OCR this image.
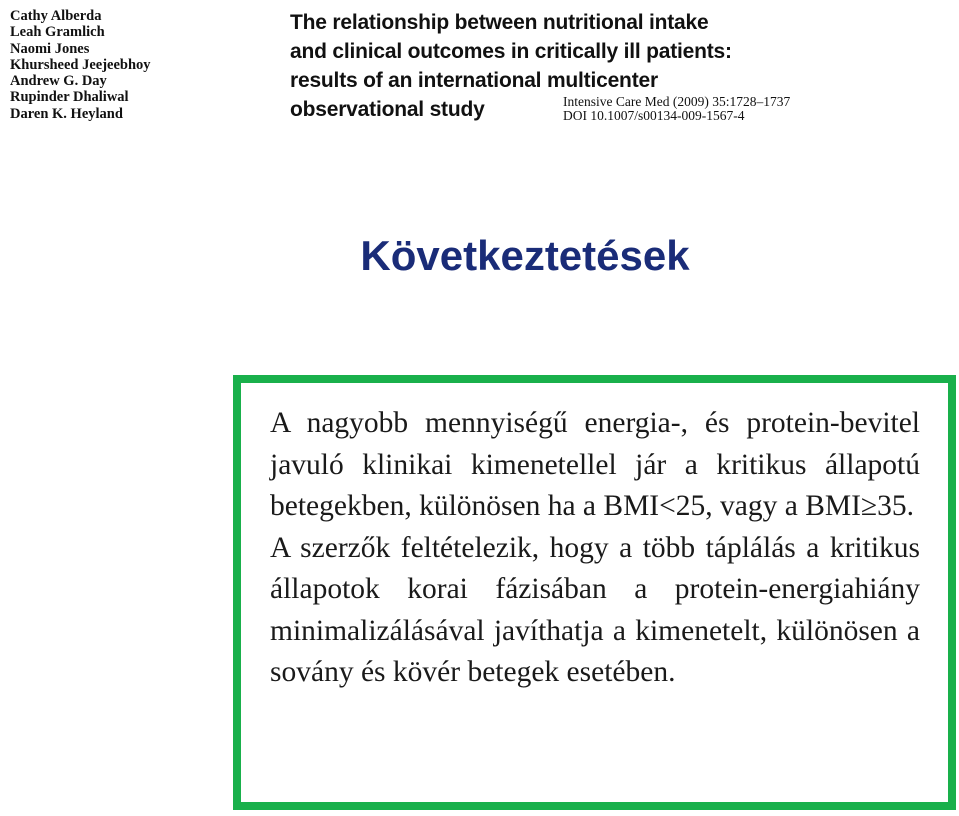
Cathy Alberda
Leah Gramlich
Naomi Jones
Khursheed Jeejeebhoy
Andrew G. Day
Rupinder Dhaliwal
Daren K. Heyland
The relationship between nutritional intake
and clinical outcomes in critically ill patients:
results of an international multicenter
observational study	Intensive Care Med (2009) 35:1728–1737
DOI 10.1007/s00134-009-1567-4
Következtetések

A nagyobb mennyiségű energia-, és protein-bevitel javuló klinikai kimenetellel jár a kritikus állapotú betegekben, különösen ha a BMI<25, vagy a BMI≥35.

A szerzők feltételezik, hogy a több táplálás a kritikus állapotok korai fázisában a protein-energiahiány minimalizálásával javíthatja a kimenetelt, különösen a sovány és kövér betegek esetében.
